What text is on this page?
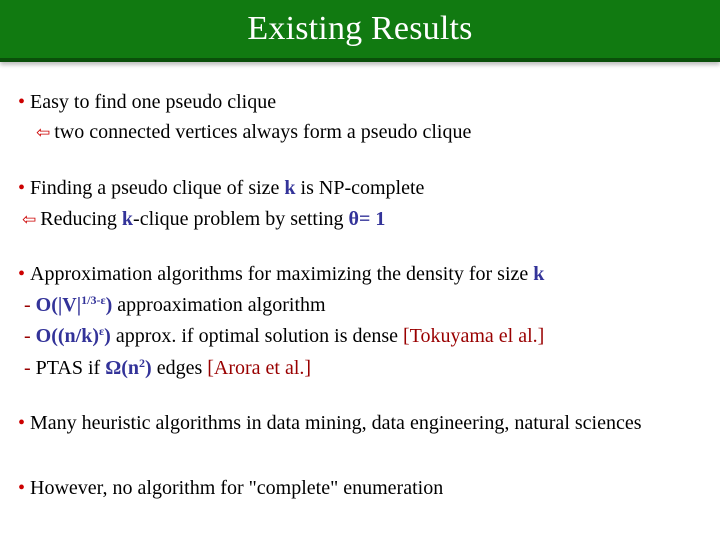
Existing Results
• Easy to find one pseudo clique
⇦ two connected vertices always form a pseudo clique
• Finding a pseudo clique of size k is NP-complete
⇦ Reducing k-clique problem by setting θ= 1
• Approximation algorithms for maximizing the density for size k
- $O(|V|^{1/3-\varepsilon})$ approaximation algorithm
- $O((n/k)^\varepsilon)$ approx. if optimal solution is dense [Tokuyama el al.]
- PTAS if $\Omega(n^2)$ edges [Arora et al.]
• Many heuristic algorithms in data mining, data engineering, natural sciences
• However, no algorithm for "complete" enumeration
